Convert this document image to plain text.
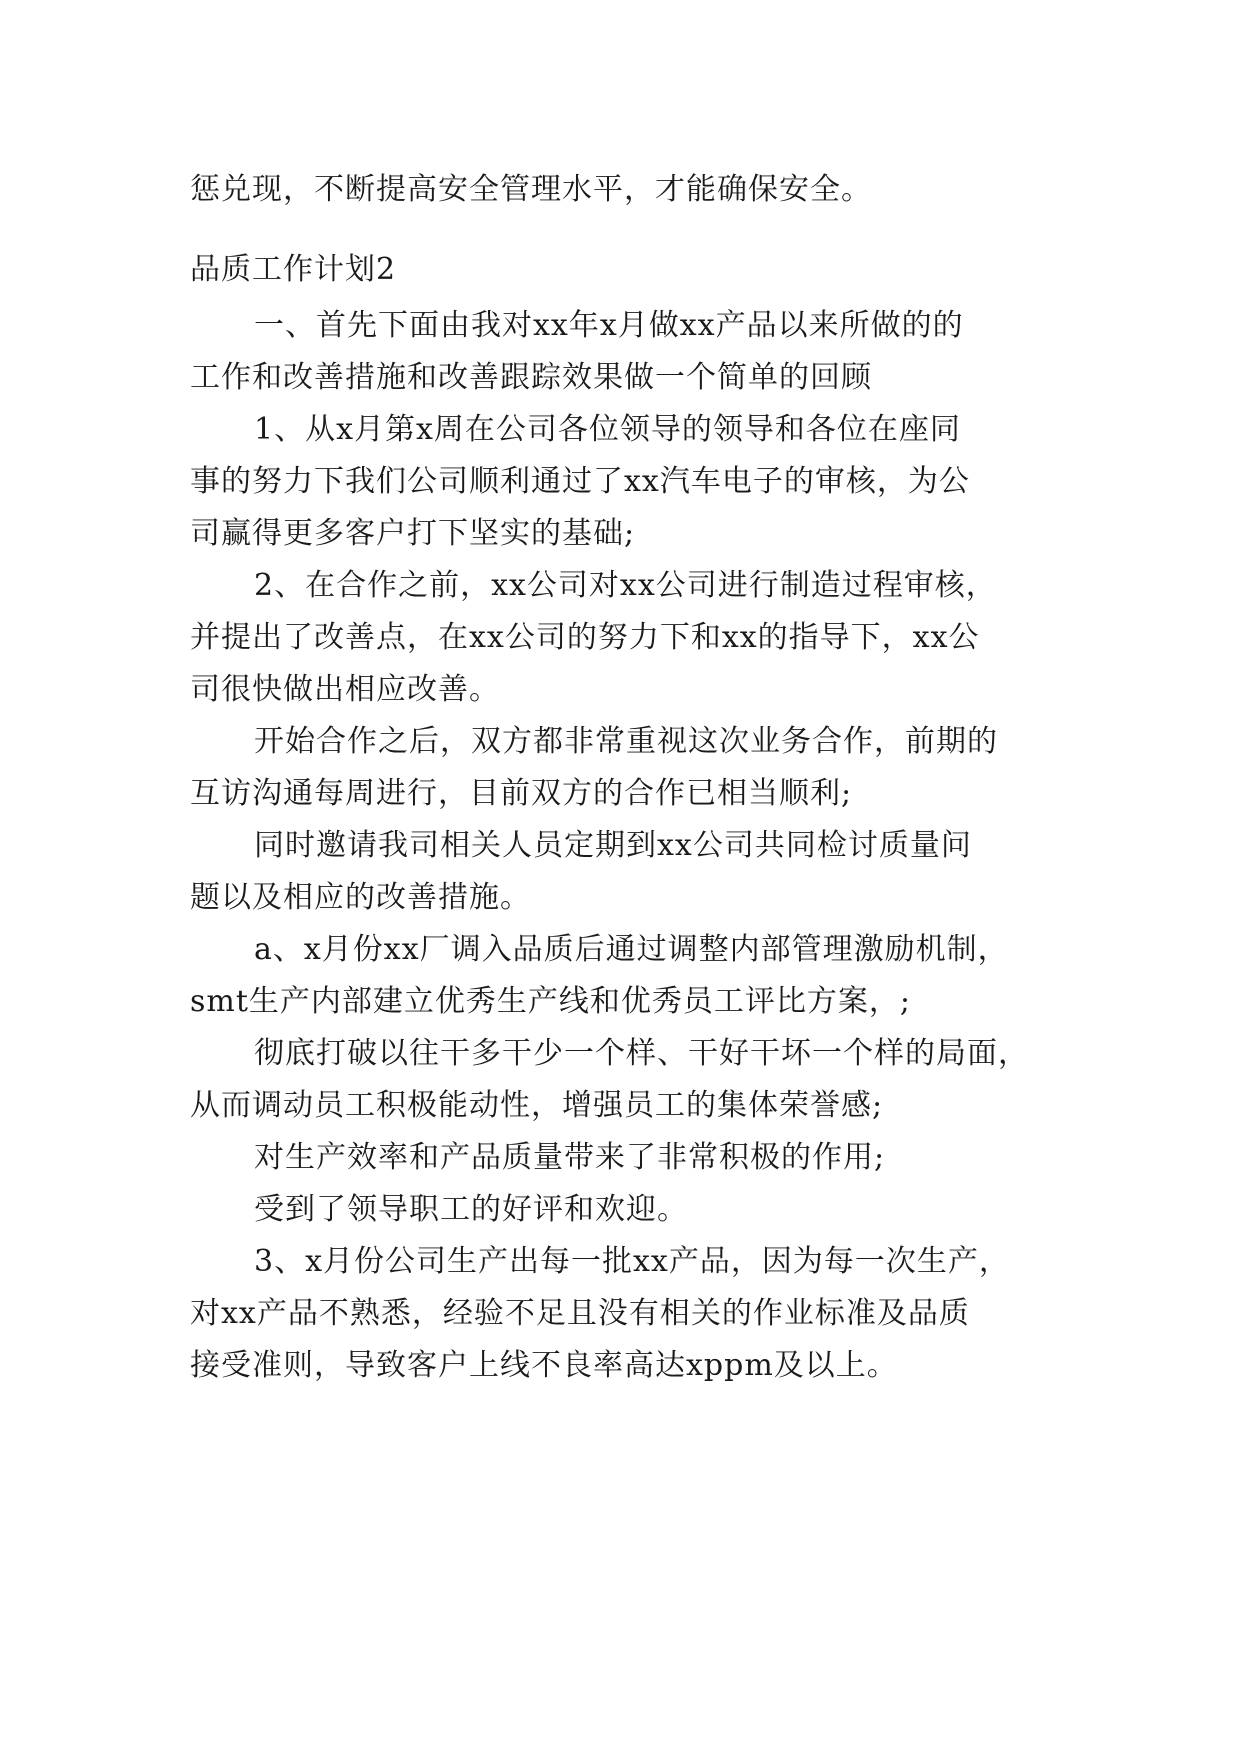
惩兑现，不断提高安全管理水平，才能确保安全。
品质工作计划2
一、首先下面由我对xx年x月做xx产品以来所做的的
工作和改善措施和改善跟踪效果做一个简单的回顾
1、从x月第x周在公司各位领导的领导和各位在座同
事的努力下我们公司顺利通过了xx汽车电子的审核，为公
司赢得更多客户打下坚实的基础;
2、在合作之前，xx公司对xx公司进行制造过程审核，
并提出了改善点，在xx公司的努力下和xx的指导下，xx公
司很快做出相应改善。
开始合作之后，双方都非常重视这次业务合作，前期的
互访沟通每周进行，目前双方的合作已相当顺利;
同时邀请我司相关人员定期到xx公司共同检讨质量问
题以及相应的改善措施。
a、x月份xx厂调入品质后通过调整内部管理激励机制，
smt生产内部建立优秀生产线和优秀员工评比方案，;
彻底打破以往干多干少一个样、干好干坏一个样的局面，
从而调动员工积极能动性，增强员工的集体荣誉感;
对生产效率和产品质量带来了非常积极的作用;
受到了领导职工的好评和欢迎。
3、x月份公司生产出每一批xx产品，因为每一次生产，
对xx产品不熟悉，经验不足且没有相关的作业标准及品质
接受准则，导致客户上线不良率高达xppm及以上。
